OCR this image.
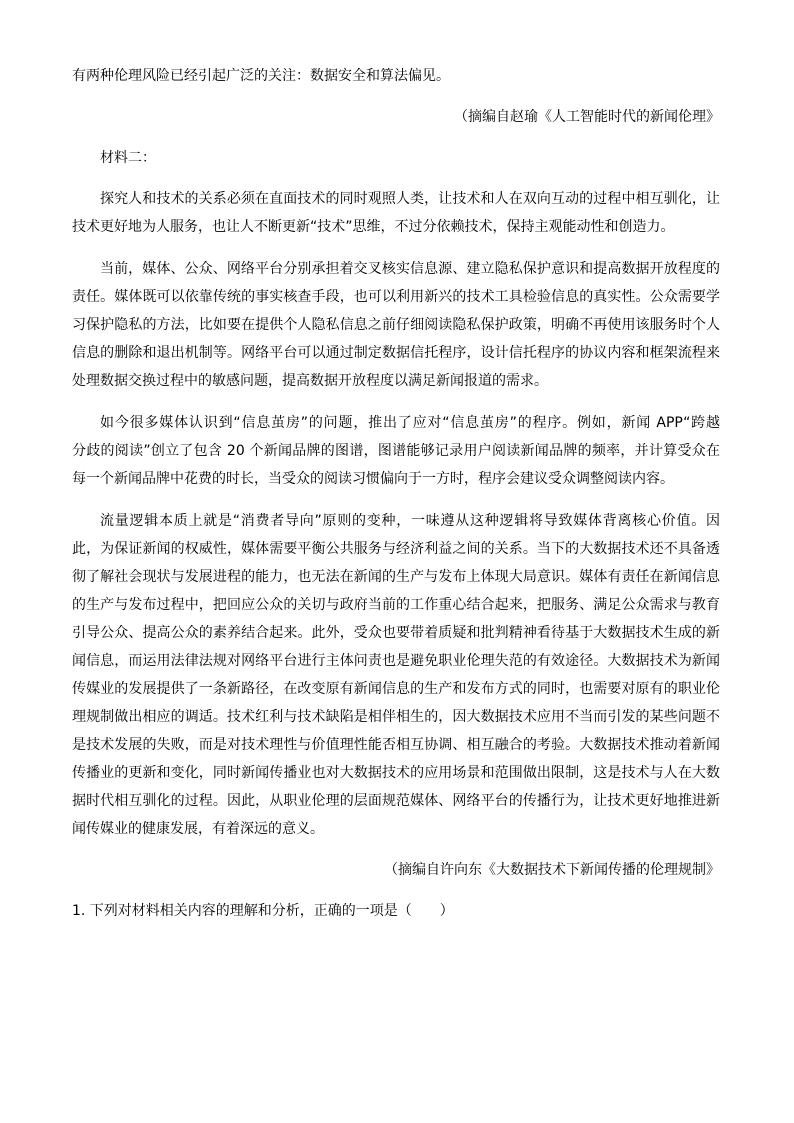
有两种伦理风险已经引起广泛的关注：数据安全和算法偏见。
（摘编自赵瑜《人工智能时代的新闻伦理》
材料二：
探究人和技术的关系必须在直面技术的同时观照人类，让技术和人在双向互动的过程中相互驯化，让
技术更好地为人服务，也让人不断更新“技术”思维，不过分依赖技术，保持主观能动性和创造力。
当前，媒体、公众、网络平台分别承担着交叉核实信息源、建立隐私保护意识和提高数据开放程度的
责任。媒体既可以依靠传统的事实核查手段，也可以利用新兴的技术工具检验信息的真实性。公众需要学
习保护隐私的方法，比如要在提供个人隐私信息之前仔细阅读隐私保护政策，明确不再使用该服务时个人
信息的删除和退出机制等。网络平台可以通过制定数据信托程序，设计信托程序的协议内容和框架流程来
处理数据交换过程中的敏感问题，提高数据开放程度以满足新闻报道的需求。
如今很多媒体认识到“信息茧房”的问题，推出了应对“信息茧房”的程序。例如，新闻 APP“跨越
分歧的阅读”创立了包含 20 个新闻品牌的图谱，图谱能够记录用户阅读新闻品牌的频率，并计算受众在
每一个新闻品牌中花费的时长，当受众的阅读习惯偏向于一方时，程序会建议受众调整阅读内容。
流量逻辑本质上就是“消费者导向”原则的变种，一味遵从这种逻辑将导致媒体背离核心价值。因
此，为保证新闻的权威性，媒体需要平衡公共服务与经济利益之间的关系。当下的大数据技术还不具备透
彻了解社会现状与发展进程的能力，也无法在新闻的生产与发布上体现大局意识。媒体有责任在新闻信息
的生产与发布过程中，把回应公众的关切与政府当前的工作重心结合起来，把服务、满足公众需求与教育
引导公众、提高公众的素养结合起来。此外，受众也要带着质疑和批判精神看待基于大数据技术生成的新
闻信息，而运用法律法规对网络平台进行主体问责也是避免职业伦理失范的有效途径。大数据技术为新闻
传媒业的发展提供了一条新路径，在改变原有新闻信息的生产和发布方式的同时，也需要对原有的职业伦
理规制做出相应的调适。技术红利与技术缺陷是相伴相生的，因大数据技术应用不当而引发的某些问题不
是技术发展的失败，而是对技术理性与价值理性能否相互协调、相互融合的考验。大数据技术推动着新闻
传播业的更新和变化，同时新闻传播业也对大数据技术的应用场景和范围做出限制，这是技术与人在大数
据时代相互驯化的过程。因此，从职业伦理的层面规范媒体、网络平台的传播行为，让技术更好地推进新
闻传媒业的健康发展，有着深远的意义。
（摘编自许向东《大数据技术下新闻传播的伦理规制》
1. 下列对材料相关内容的理解和分析，正确的一项是（　　）
